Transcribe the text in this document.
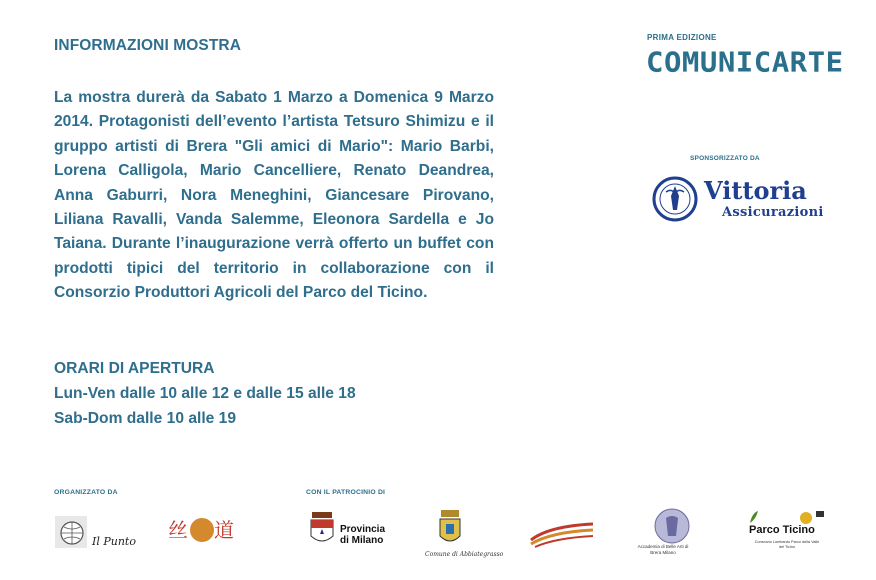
INFORMAZIONI MOSTRA

La mostra durerà da Sabato 1 Marzo a Domenica 9 Marzo 2014. Protagonisti dell’evento l’artista Tetsuro Shimizu e il gruppo artisti di Brera "Gli amici di Mario": Mario Barbi, Lorena Calligola, Mario Cancelliere, Renato Deandrea, Anna Gaburri, Nora Meneghini, Giancesare Pirovano, Liliana Ravalli, Vanda Salemme, Eleonora Sardella e Jo Taiana. Durante l’inaugurazione verrà offerto un buffet con prodotti tipici del territorio in collaborazione con il Consorzio Produttori Agricoli del Parco del Ticino.

ORARI DI APERTURA
Lun-Ven dalle 10 alle 12 e dalle 15 alle 18
Sab-Dom dalle 10 alle 19
PRIMA EDIZIONE
COMUNICARTE
SPONSORIZZATO DA
Vittoria
Assicurazioni
ORGANIZZATO DA	CON IL PATROCINIO DI
Il Punto 丝 道	Provincia
di Milano
Comune di Abbiategrasso
Accademia di Belle Arti di Brera Milano
Parco Ticino
Consorzio Lombardo Parco della Valle del Ticino
